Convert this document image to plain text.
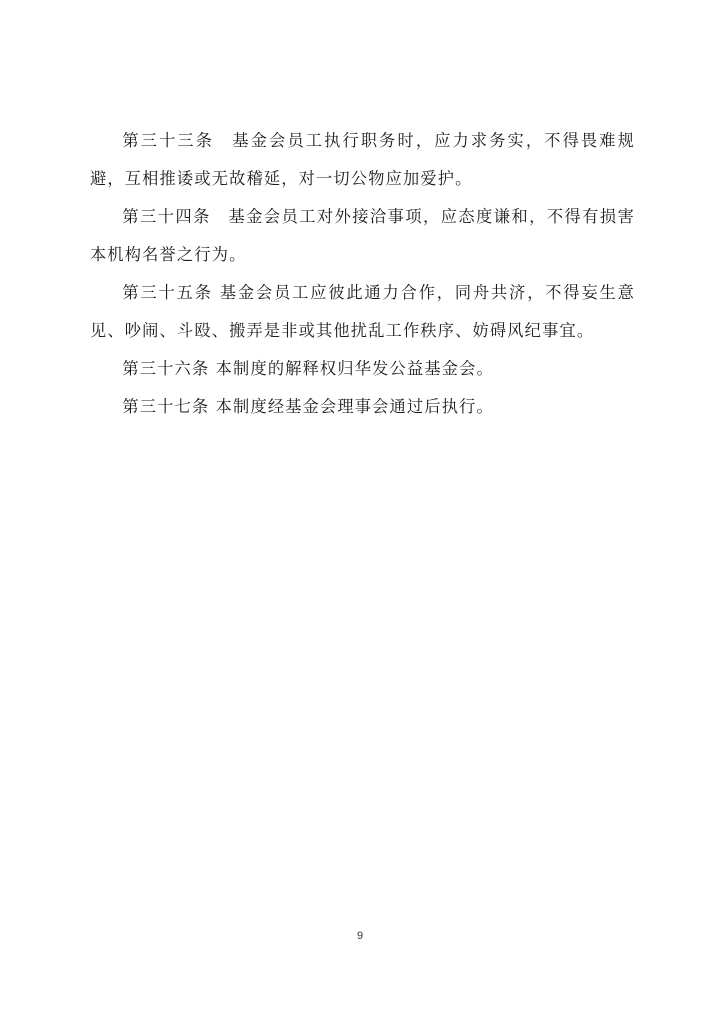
第三十三条　基金会员工执行职务时，应力求务实，不得畏难规避，互相推诿或无故稽延，对一切公物应加爱护。

第三十四条　基金会员工对外接洽事项，应态度谦和，不得有损害本机构名誉之行为。

第三十五条 基金会员工应彼此通力合作，同舟共济，不得妄生意见、吵闹、斗殴、搬弄是非或其他扰乱工作秩序、妨碍风纪事宜。

第三十六条 本制度的解释权归华发公益基金会。

第三十七条 本制度经基金会理事会通过后执行。

9
